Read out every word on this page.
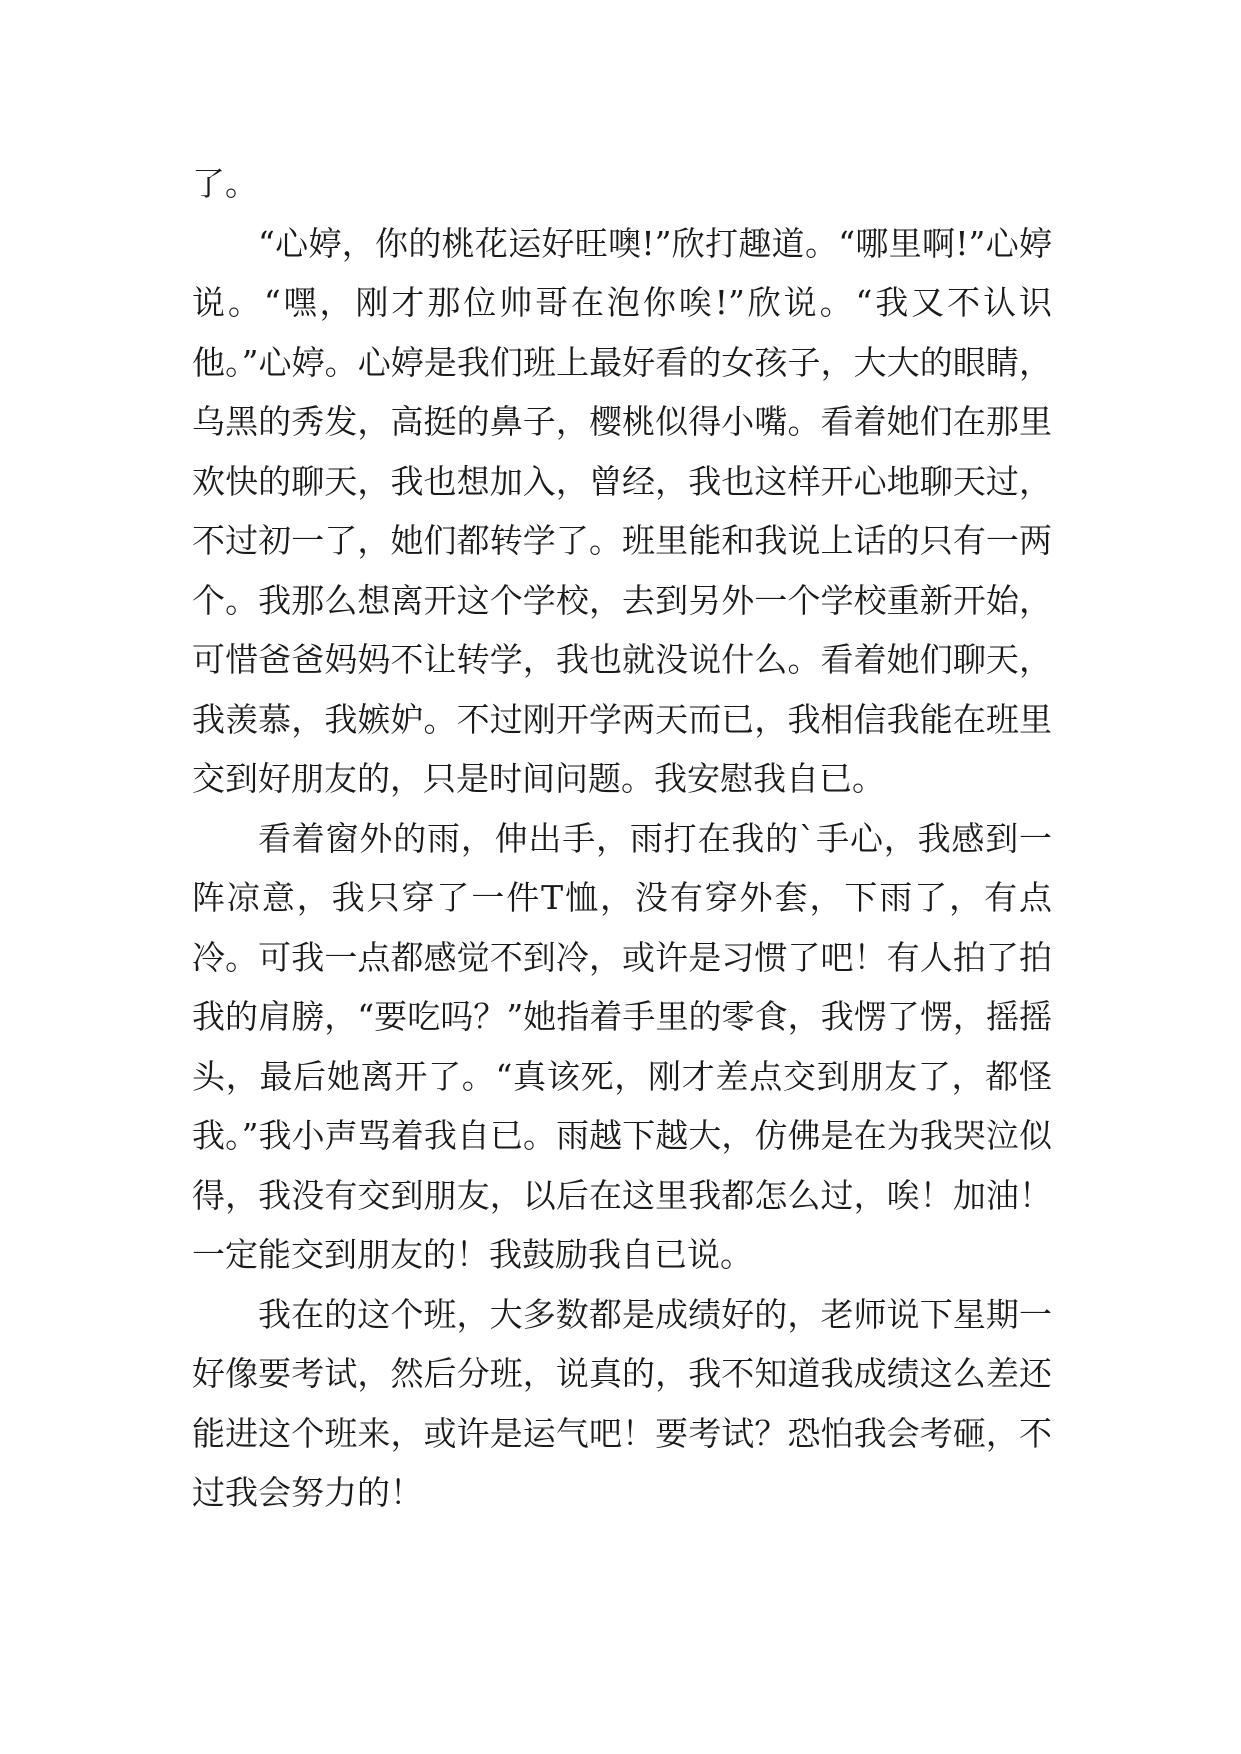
了。

“心婷，你的桃花运好旺噢!”欣打趣道。“哪里啊!”心婷说。“嘿，刚才那位帅哥在泡你唉!”欣说。“我又不认识他。”心婷。心婷是我们班上最好看的女孩子，大大的眼睛，乌黑的秀发，高挺的鼻子，樱桃似得小嘴。看着她们在那里欢快的聊天，我也想加入，曾经，我也这样开心地聊天过，不过初一了，她们都转学了。班里能和我说上话的只有一两个。我那么想离开这个学校，去到另外一个学校重新开始，可惜爸爸妈妈不让转学，我也就没说什么。看着她们聊天，我羡慕，我嫉妒。不过刚开学两天而已，我相信我能在班里交到好朋友的，只是时间问题。我安慰我自已。

看着窗外的雨，伸出手，雨打在我的`手心，我感到一阵凉意，我只穿了一件T恤，没有穿外套，下雨了，有点冷。可我一点都感觉不到冷，或许是习惯了吧！有人拍了拍我的肩膀，“要吃吗？”她指着手里的零食，我愣了愣，摇摇头，最后她离开了。“真该死，刚才差点交到朋友了，都怪我。”我小声骂着我自已。雨越下越大，仿佛是在为我哭泣似得，我没有交到朋友，以后在这里我都怎么过，唉！加油！一定能交到朋友的！我鼓励我自已说。

我在的这个班，大多数都是成绩好的，老师说下星期一好像要考试，然后分班，说真的，我不知道我成绩这么差还能进这个班来，或许是运气吧！要考试？恐怕我会考砸，不过我会努力的！
